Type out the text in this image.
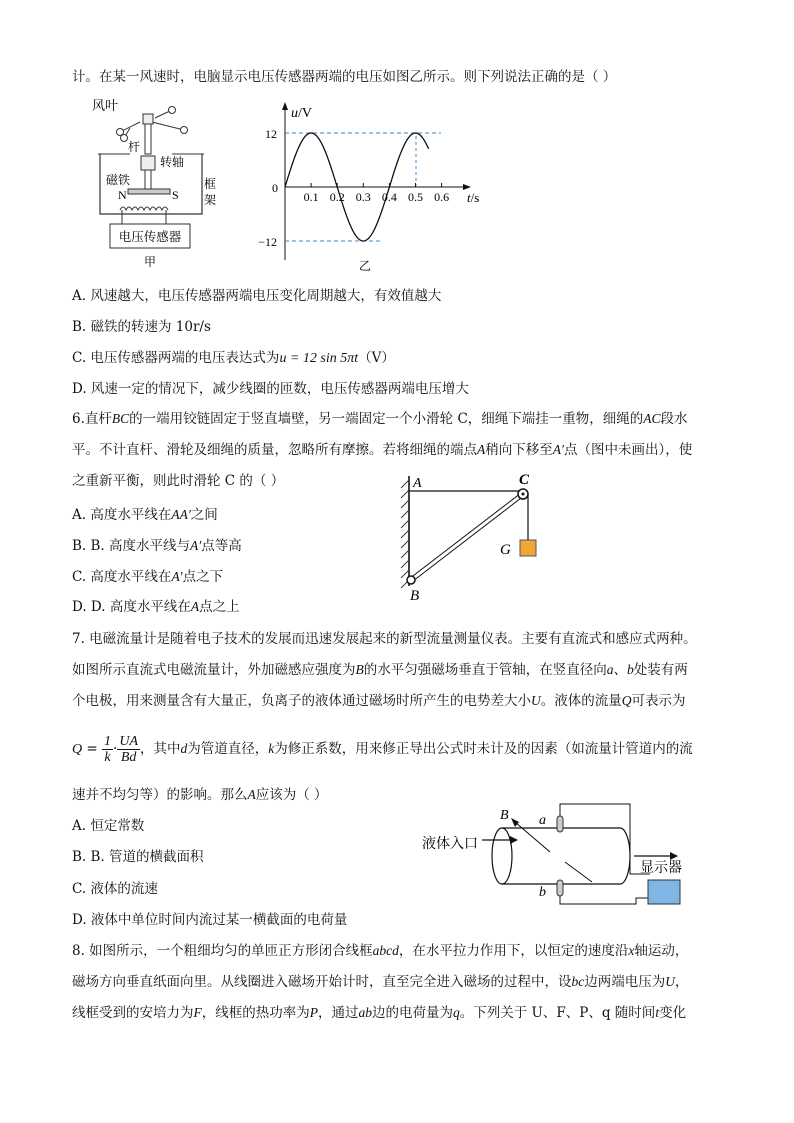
计。在某一风速时，电脑显示电压传感器两端的电压如图乙所示。则下列说法正确的是（ ）
风叶
杆
转轴
磁铁
N	S
框
架
电压传感器
甲
u/V
t/s
0
12
−12
0.1 0.2 0.3 0.4 0.5 0.6
乙
A. 风速越大，电压传感器两端电压变化周期越大，有效值越大
B. 磁铁的转速为 10r/s
C. 电压传感器两端的电压表达式为u = 12 sin 5πt（V）
D. 风速一定的情况下，减少线圈的匝数，电压传感器两端电压增大
6.直杆BC的一端用铰链固定于竖直墙壁，另一端固定一个小滑轮 C，细绳下端挂一重物，细绳的AC段水
平。不计直杆、滑轮及细绳的质量，忽略所有摩擦。若将细绳的端点A稍向下移至A′点（图中未画出），使
之重新平衡，则此时滑轮 C 的（ ）
A. 高度水平线在AA′之间
B. B. 高度水平线与A′点等高
C. 高度水平线在A′点之下
D. D. 高度水平线在A点之上
A	C
G
B
7. 电磁流量计是随着电子技术的发展而迅速发展起来的新型流量测量仪表。主要有直流式和感应式两种。
如图所示直流式电磁流量计，外加磁感应强度为B的水平匀强磁场垂直于管轴，在竖直径向a、b处装有两
个电极，用来测量含有大量正，负离子的液体通过磁场时所产生的电势差大小U。液体的流量Q可表示为
$Q = \frac{1}{k} \cdot \frac{UA}{Bd}$ ，其中d为管道直径，k为修正系数，用来修正导出公式时未计及的因素（如流量计管道内的流
速并不均匀等）的影响。那么A应该为（ ）
A. 恒定常数
B. B. 管道的横截面积
C. 液体的流速
D. 液体中单位时间内流过某一横截面的电荷量
液体入口
B a
b
显示器
8. 如图所示，一个粗细均匀的单匝正方形闭合线框abcd，在水平拉力作用下，以恒定的速度沿x轴运动，
磁场方向垂直纸面向里。从线圈进入磁场开始计时，直至完全进入磁场的过程中，设bc边两端电压为U，
线框受到的安培力为F，线框的热功率为P，通过ab边的电荷量为q。下列关于 U、F、P、q 随时间t变化
